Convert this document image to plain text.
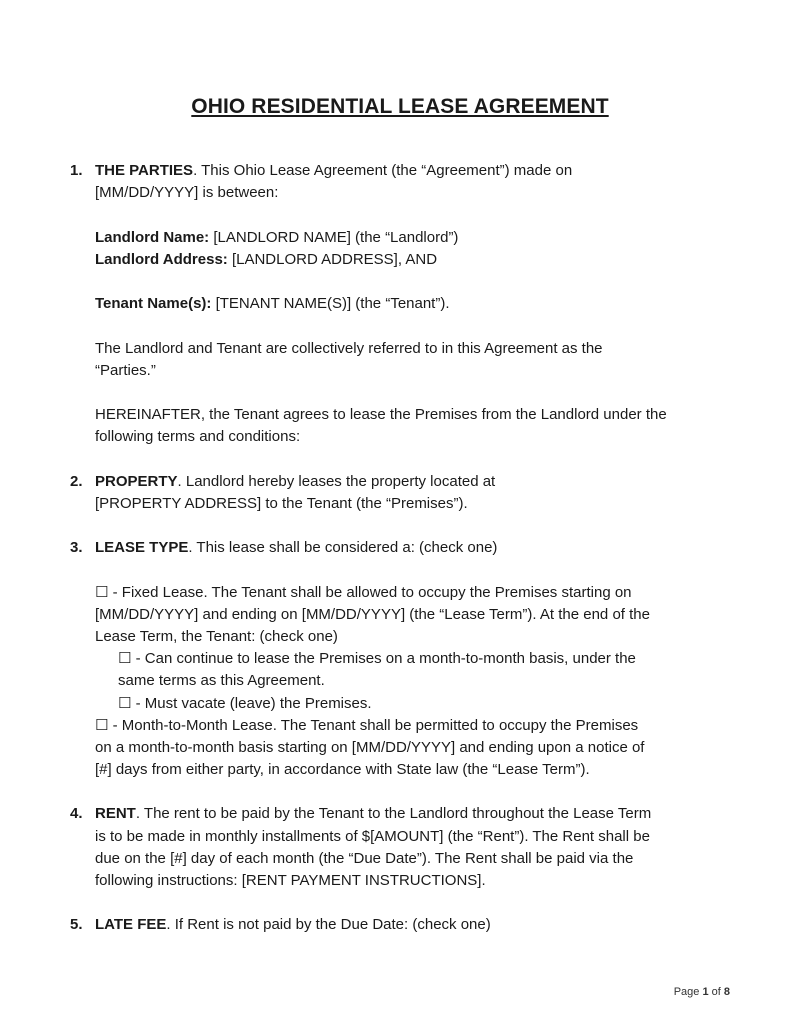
OHIO RESIDENTIAL LEASE AGREEMENT
1. THE PARTIES. This Ohio Lease Agreement (the “Agreement”) made on
[MM/DD/YYYY] is between:
Landlord Name: [LANDLORD NAME] (the “Landlord”)
Landlord Address: [LANDLORD ADDRESS], AND
Tenant Name(s): [TENANT NAME(S)] (the “Tenant”).
The Landlord and Tenant are collectively referred to in this Agreement as the
“Parties.”
HEREINAFTER, the Tenant agrees to lease the Premises from the Landlord under the
following terms and conditions:
2. PROPERTY. Landlord hereby leases the property located at
[PROPERTY ADDRESS] to the Tenant (the “Premises”).
3. LEASE TYPE. This lease shall be considered a: (check one)
☐ - Fixed Lease. The Tenant shall be allowed to occupy the Premises starting on
[MM/DD/YYYY] and ending on [MM/DD/YYYY] (the “Lease Term”). At the end of the
Lease Term, the Tenant: (check one)
☐ - Can continue to lease the Premises on a month-to-month basis, under the
same terms as this Agreement.
☐ - Must vacate (leave) the Premises.
☐ - Month-to-Month Lease. The Tenant shall be permitted to occupy the Premises
on a month-to-month basis starting on [MM/DD/YYYY] and ending upon a notice of
[#] days from either party, in accordance with State law (the “Lease Term”).
4. RENT. The rent to be paid by the Tenant to the Landlord throughout the Lease Term
is to be made in monthly installments of $[AMOUNT] (the “Rent”). The Rent shall be
due on the [#] day of each month (the “Due Date”). The Rent shall be paid via the
following instructions: [RENT PAYMENT INSTRUCTIONS].
5. LATE FEE. If Rent is not paid by the Due Date: (check one)
Page 1 of 8
